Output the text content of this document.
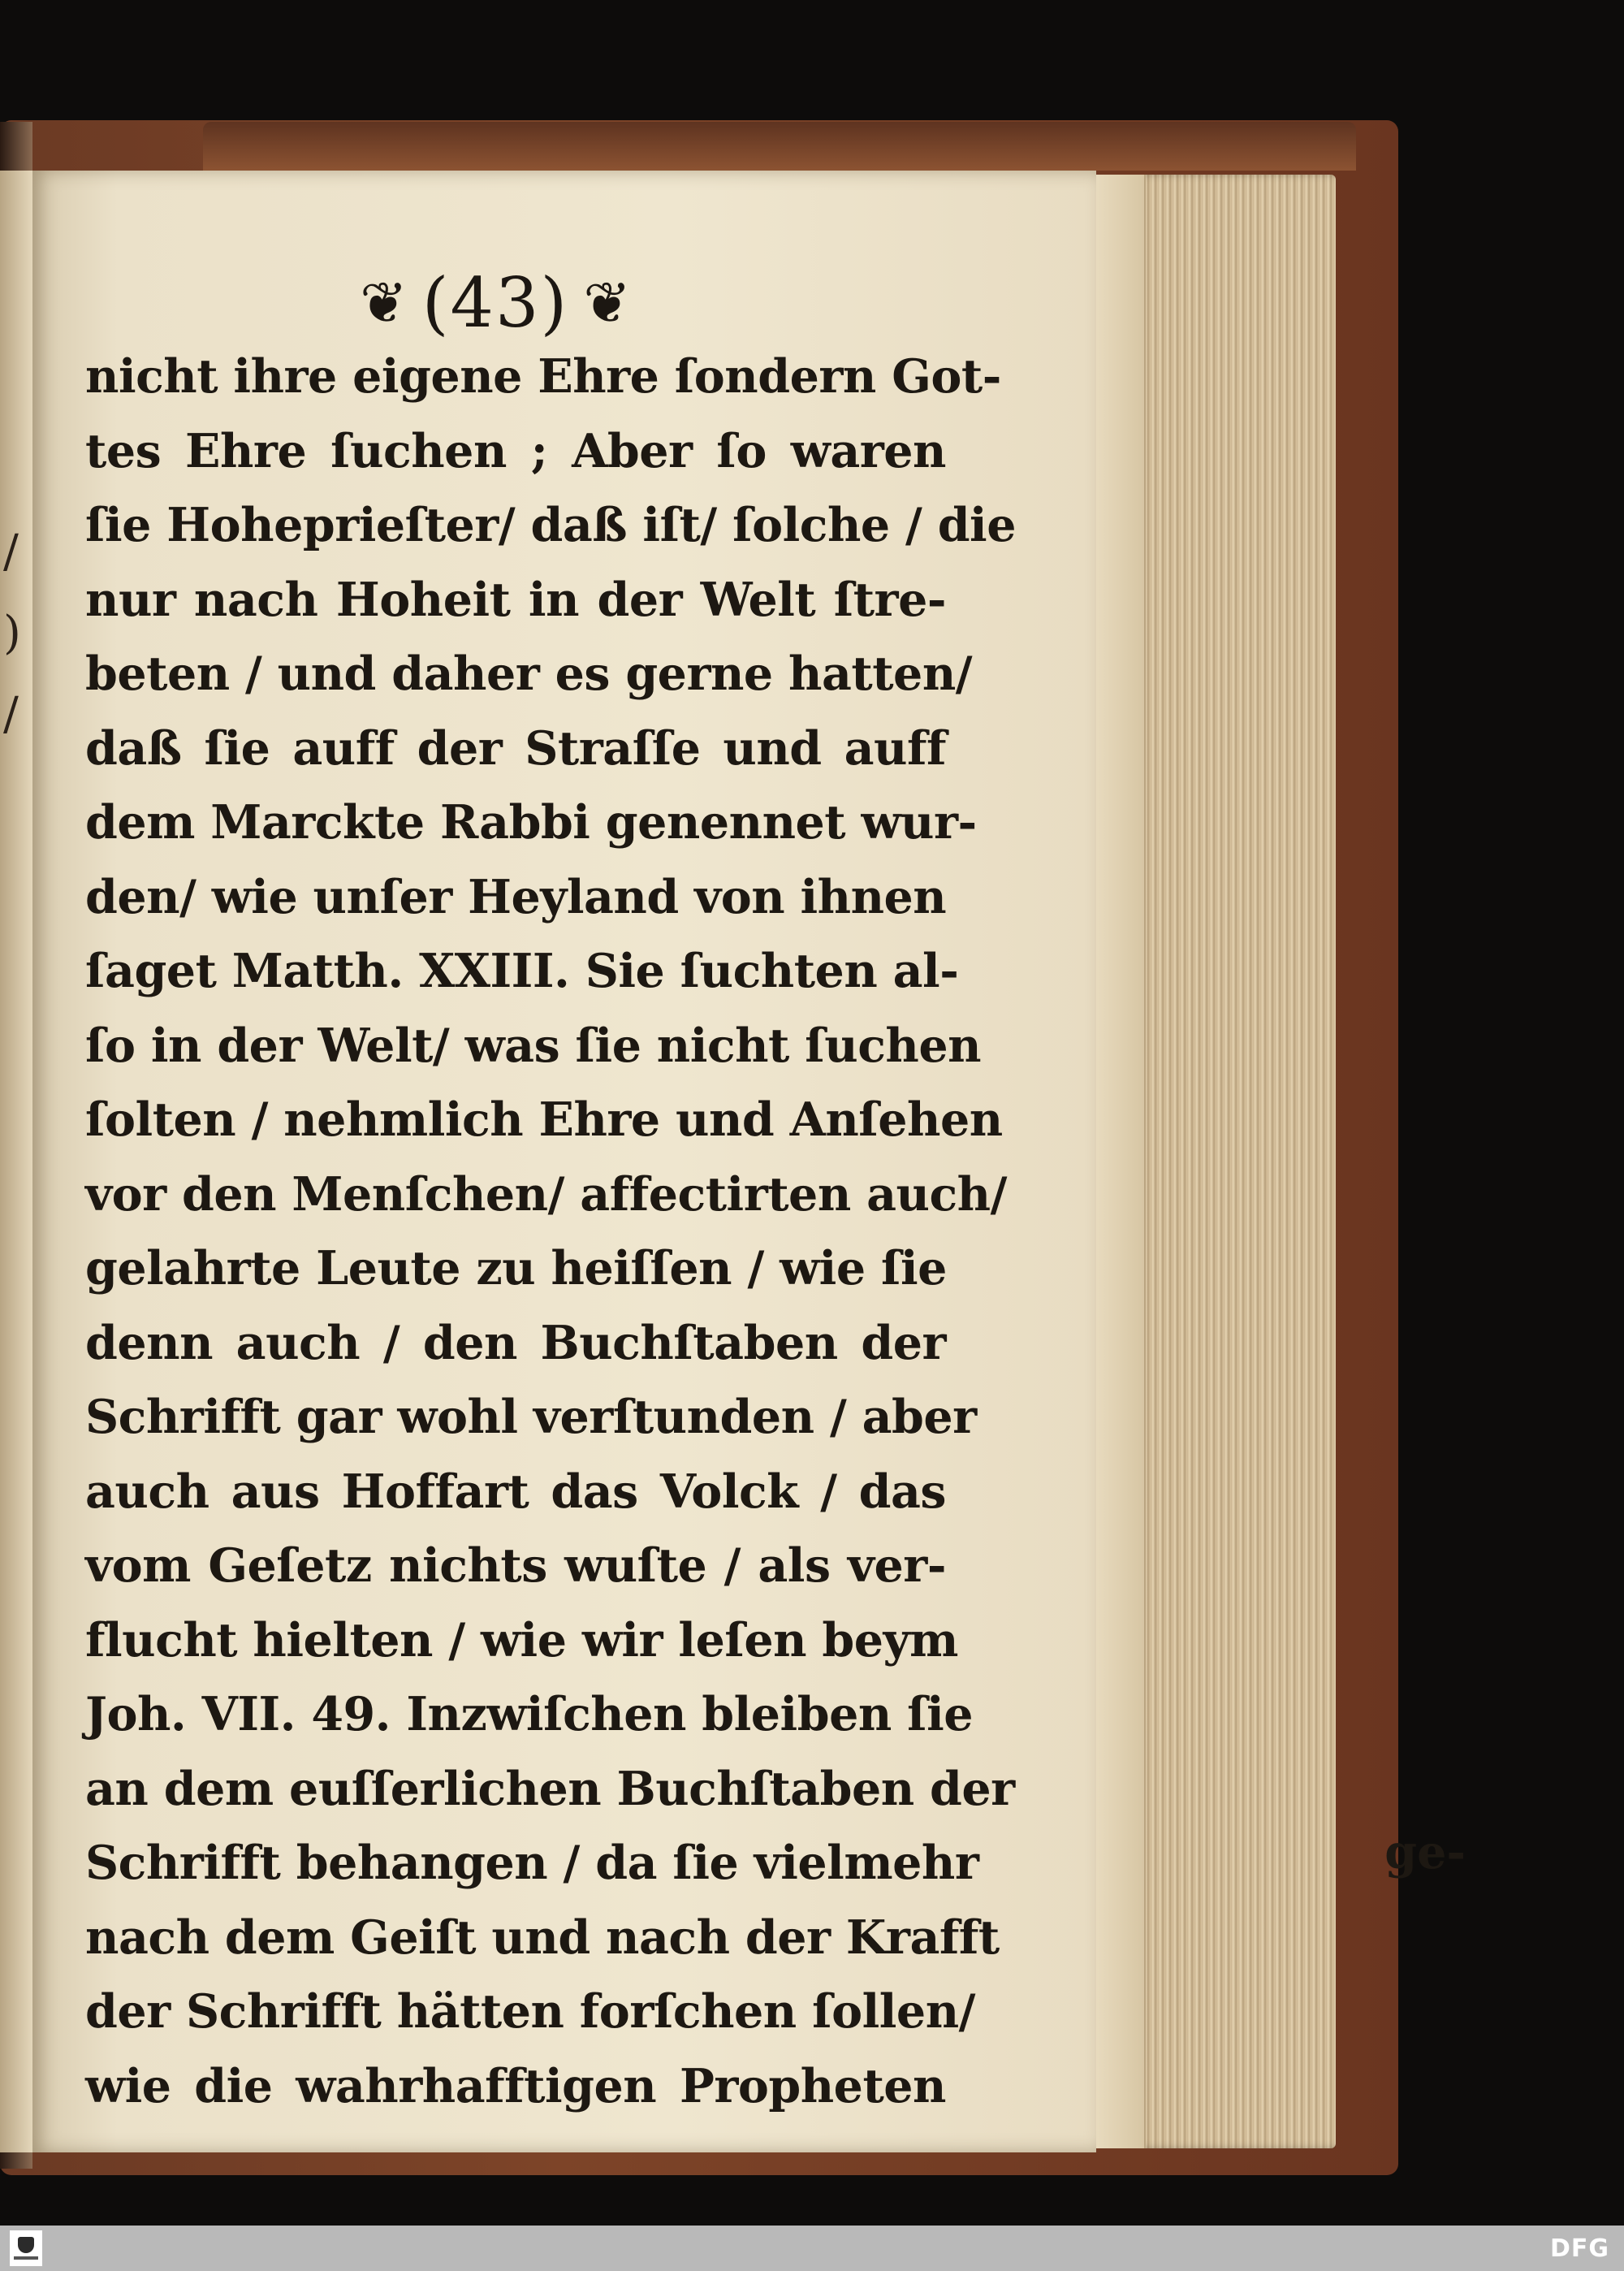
/
)
/
❦ (43) ❦
nicht ihre eigene Ehre ſondern Got-
tes Ehre ſuchen ; Aber ſo waren
ſie Hoheprieſter/ daß iſt/ ſolche / die
nur nach Hoheit in der Welt ſtre-
beten / und daher es gerne hatten/
daß ſie auff der Straſſe und auff
dem Marckte Rabbi genennet wur-
den/ wie unſer Heyland von ihnen
ſaget Matth. XXIII. Sie ſuchten al-
ſo in der Welt/ was ſie nicht ſuchen
ſolten / nehmlich Ehre und Anſehen
vor den Menſchen/ affectirten auch/
gelahrte Leute zu heiſſen / wie ſie
denn auch / den Buchſtaben der
Schrifft gar wohl verſtunden / aber
auch aus Hoffart das Volck / das
vom Geſetz nichts wuſte / als ver-
flucht hielten / wie wir leſen beym
Joh. VII. 49. Inzwiſchen bleiben ſie
an dem euſſerlichen Buchſtaben der
Schrifft behangen / da ſie vielmehr
nach dem Geiſt und nach der Krafft
der Schrifft hätten forſchen ſollen/
wie die wahrhafftigen Propheten
ge-
DFG
